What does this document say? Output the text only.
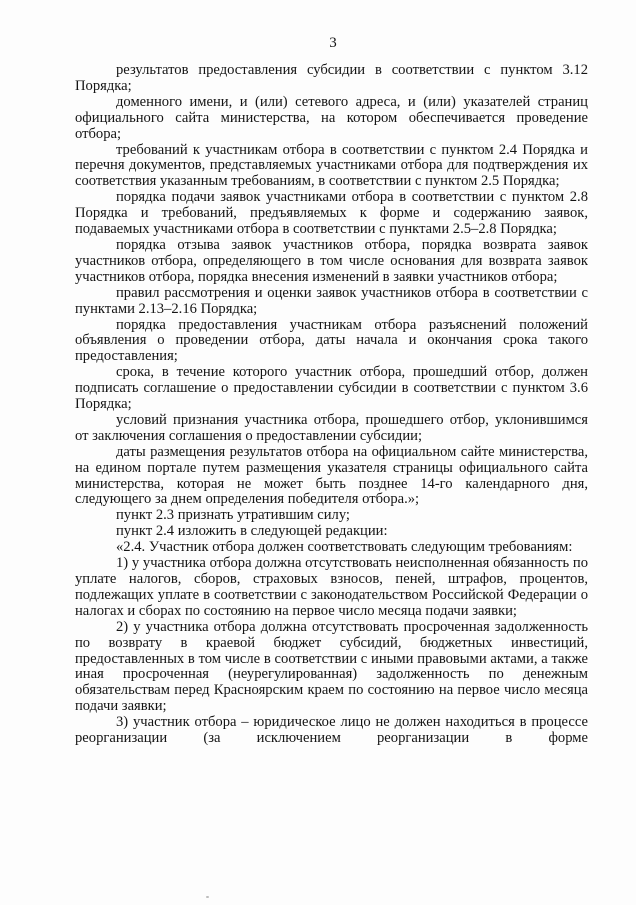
3

результатов предоставления субсидии в соответствии с пунктом 3.12 Порядка;

доменного имени, и (или) сетевого адреса, и (или) указателей страниц официального сайта министерства, на котором обеспечивается проведение отбора;

требований к участникам отбора в соответствии с пунктом 2.4 Порядка и перечня документов, представляемых участниками отбора для подтверждения их соответствия указанным требованиям, в соответствии с пунктом 2.5 Порядка;

порядка подачи заявок участниками отбора в соответствии с пунктом 2.8 Порядка и требований, предъявляемых к форме и содержанию заявок, подаваемых участниками отбора в соответствии с пунктами 2.5–2.8 Порядка;

порядка отзыва заявок участников отбора, порядка возврата заявок участников отбора, определяющего в том числе основания для возврата заявок участников отбора, порядка внесения изменений в заявки участников отбора;

правил рассмотрения и оценки заявок участников отбора в соответствии с пунктами 2.13–2.16 Порядка;

порядка предоставления участникам отбора разъяснений положений объявления о проведении отбора, даты начала и окончания срока такого предоставления;

срока, в течение которого участник отбора, прошедший отбор, должен подписать соглашение о предоставлении субсидии в соответствии с пунктом 3.6 Порядка;

условий признания участника отбора, прошедшего отбор, уклонившимся от заключения соглашения о предоставлении субсидии;

даты размещения результатов отбора на официальном сайте министерства, на едином портале путем размещения указателя страницы официального сайта министерства, которая не может быть позднее 14-го календарного дня, следующего за днем определения победителя отбора.»;

пункт 2.3 признать утратившим силу;

пункт 2.4 изложить в следующей редакции:

«2.4. Участник отбора должен соответствовать следующим требованиям:

1) у участника отбора должна отсутствовать неисполненная обязанность по уплате налогов, сборов, страховых взносов, пеней, штрафов, процентов, подлежащих уплате в соответствии с законодательством Российской Федерации о налогах и сборах по состоянию на первое число месяца подачи заявки;

2) у участника отбора должна отсутствовать просроченная задолженность по возврату в краевой бюджет субсидий, бюджетных инвестиций, предоставленных в том числе в соответствии с иными правовыми актами, а также иная просроченная (неурегулированная) задолженность по денежным обязательствам перед Красноярским краем по состоянию на первое число месяца подачи заявки;

3) участник отбора – юридическое лицо не должен находиться в процессе реорганизации (за исключением реорганизации в форме
